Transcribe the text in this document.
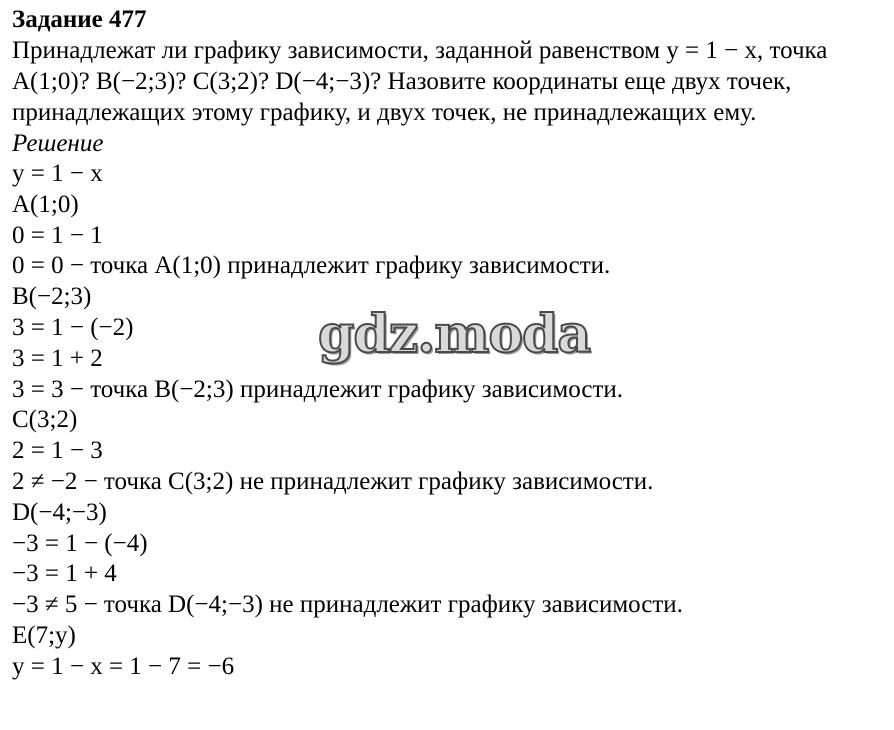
Задание 477

Принадлежат ли графику зависимости, заданной равенством y = 1 − x, точка
A(1;0)? B(−2;3)? C(3;2)? D(−4;−3)? Назовите координаты еще двух точек,
принадлежащих этому графику, и двух точек, не принадлежащих ему.

Решение
y = 1 − x
A(1;0)
0 = 1 − 1
0 = 0 − точка A(1;0) принадлежит графику зависимости.
B(−2;3)
3 = 1 − (−2)
3 = 1 + 2
3 = 3 − точка B(−2;3) принадлежит графику зависимости.
C(3;2)
2 = 1 − 3
2 ≠ −2 − точка C(3;2) не принадлежит графику зависимости.
D(−4;−3)
−3 = 1 − (−4)
−3 = 1 + 4
−3 ≠ 5 − точка D(−4;−3) не принадлежит графику зависимости.
E(7;y)
y = 1 − x = 1 − 7 = −6
gdz.moda
